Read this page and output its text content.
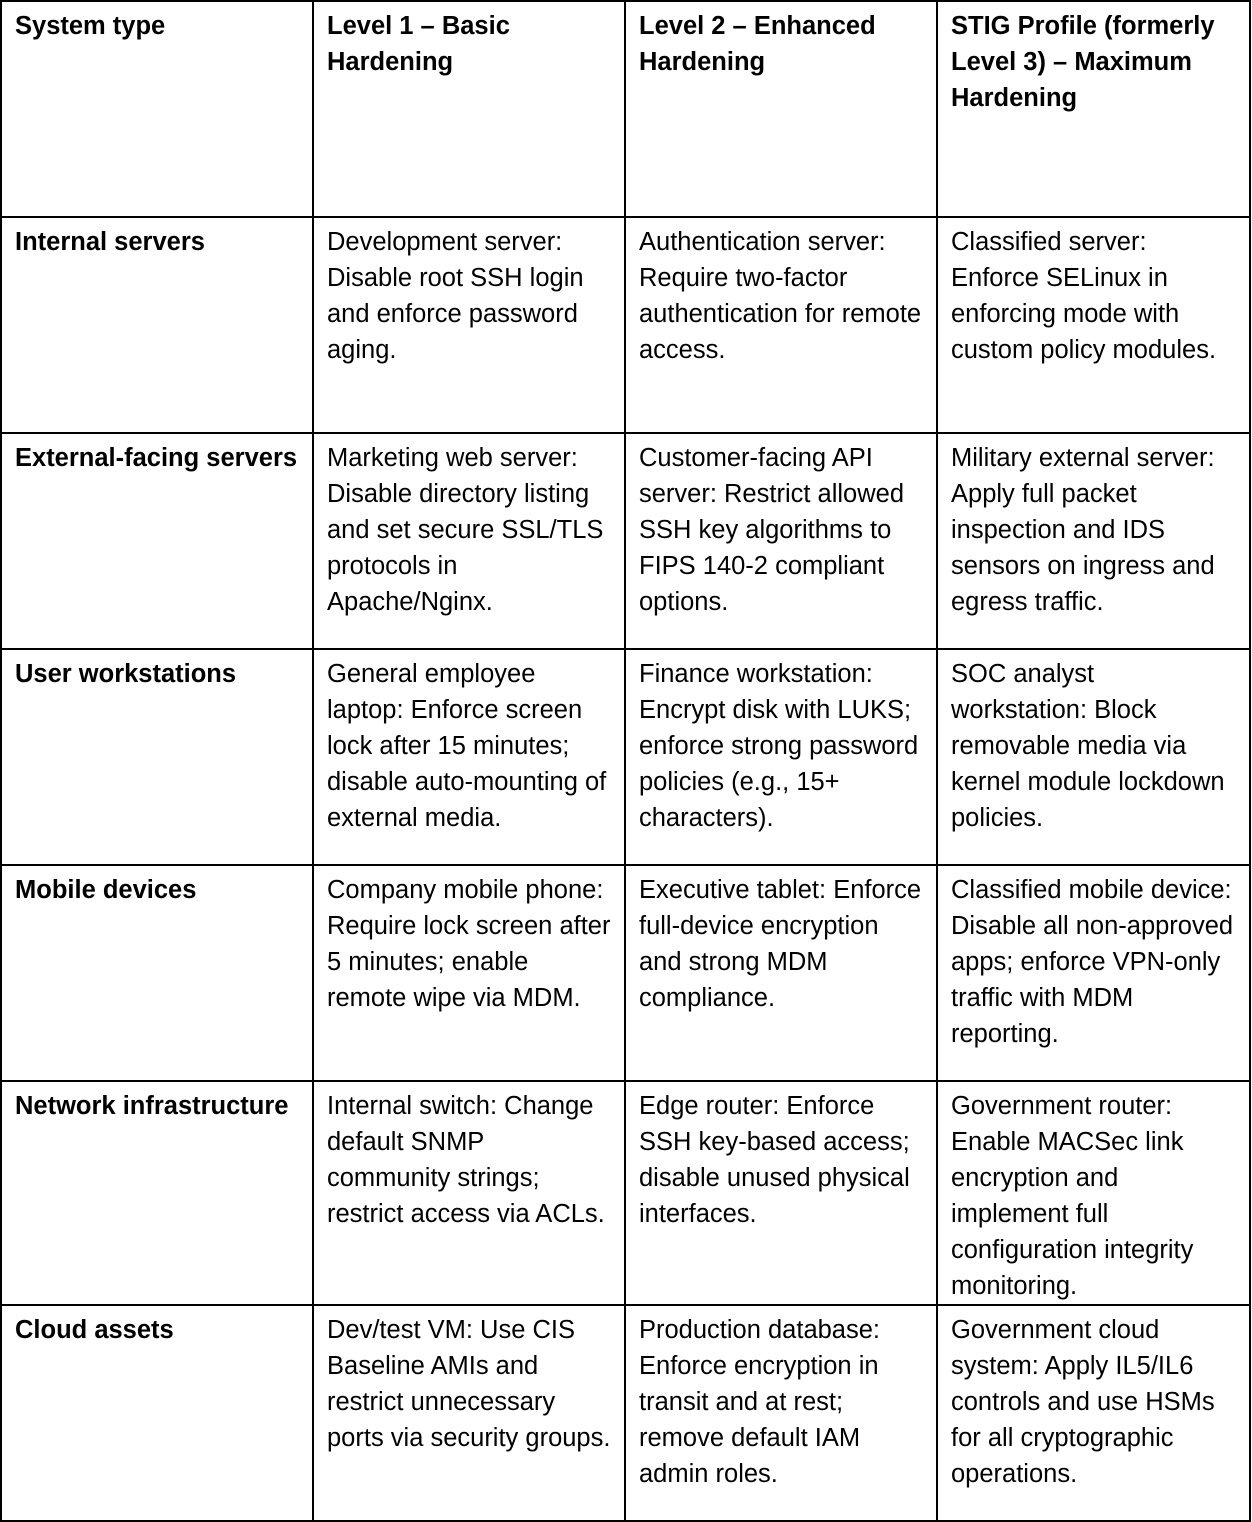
System type	Level 1 – Basic Hardening	Level 2 – Enhanced Hardening	STIG Profile (formerly Level 3) – Maximum Hardening
Internal servers	Development server: Disable root SSH login and enforce password aging.	Authentication server: Require two-factor authentication for remote access.	Classified server: Enforce SELinux in enforcing mode with custom policy modules.
External-facing servers	Marketing web server: Disable directory listing and set secure SSL/TLS protocols in Apache/Nginx.	Customer-facing API server: Restrict allowed SSH key algorithms to FIPS 140-2 compliant options.	Military external server: Apply full packet inspection and IDS sensors on ingress and egress traffic.
User workstations	General employee laptop: Enforce screen lock after 15 minutes; disable auto-mounting of external media.	Finance workstation: Encrypt disk with LUKS; enforce strong password policies (e.g., 15+ characters).	SOC analyst workstation: Block removable media via kernel module lockdown policies.
Mobile devices	Company mobile phone: Require lock screen after 5 minutes; enable remote wipe via MDM.	Executive tablet: Enforce full-device encryption and strong MDM compliance.	Classified mobile device: Disable all non-approved apps; enforce VPN-only traffic with MDM reporting.
Network infrastructure	Internal switch: Change default SNMP community strings; restrict access via ACLs.	Edge router: Enforce SSH key-based access; disable unused physical interfaces.	Government router: Enable MACSec link encryption and implement full configuration integrity monitoring.
Cloud assets	Dev/test VM: Use CIS Baseline AMIs and restrict unnecessary ports via security groups.	Production database: Enforce encryption in transit and at rest; remove default IAM admin roles.	Government cloud system: Apply IL5/IL6 controls and use HSMs for all cryptographic operations.
